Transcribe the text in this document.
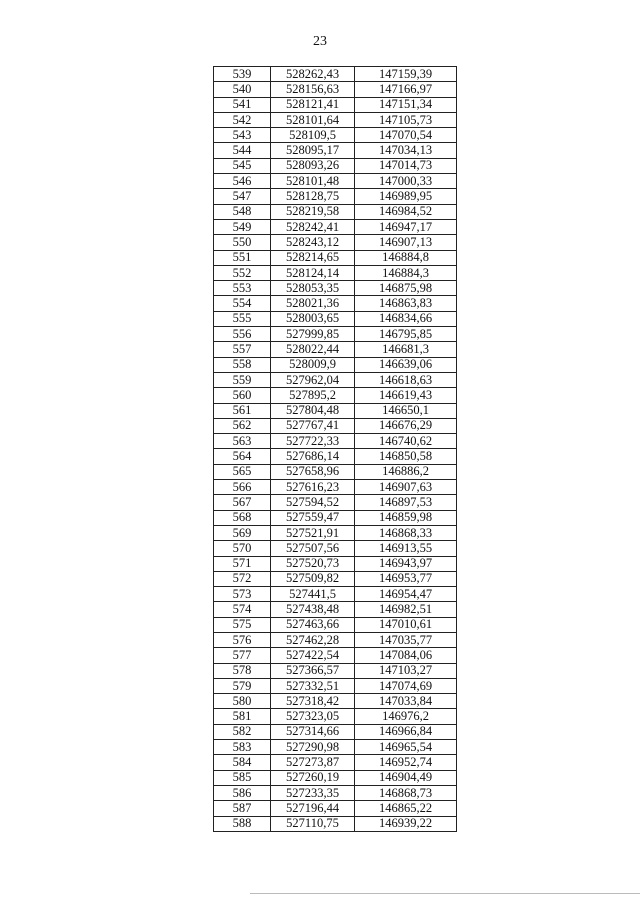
23
539	528262,43	147159,39
540	528156,63	147166,97
541	528121,41	147151,34
542	528101,64	147105,73
543	528109,5	147070,54
544	528095,17	147034,13
545	528093,26	147014,73
546	528101,48	147000,33
547	528128,75	146989,95
548	528219,58	146984,52
549	528242,41	146947,17
550	528243,12	146907,13
551	528214,65	146884,8
552	528124,14	146884,3
553	528053,35	146875,98
554	528021,36	146863,83
555	528003,65	146834,66
556	527999,85	146795,85
557	528022,44	146681,3
558	528009,9	146639,06
559	527962,04	146618,63
560	527895,2	146619,43
561	527804,48	146650,1
562	527767,41	146676,29
563	527722,33	146740,62
564	527686,14	146850,58
565	527658,96	146886,2
566	527616,23	146907,63
567	527594,52	146897,53
568	527559,47	146859,98
569	527521,91	146868,33
570	527507,56	146913,55
571	527520,73	146943,97
572	527509,82	146953,77
573	527441,5	146954,47
574	527438,48	146982,51
575	527463,66	147010,61
576	527462,28	147035,77
577	527422,54	147084,06
578	527366,57	147103,27
579	527332,51	147074,69
580	527318,42	147033,84
581	527323,05	146976,2
582	527314,66	146966,84
583	527290,98	146965,54
584	527273,87	146952,74
585	527260,19	146904,49
586	527233,35	146868,73
587	527196,44	146865,22
588	527110,75	146939,22
